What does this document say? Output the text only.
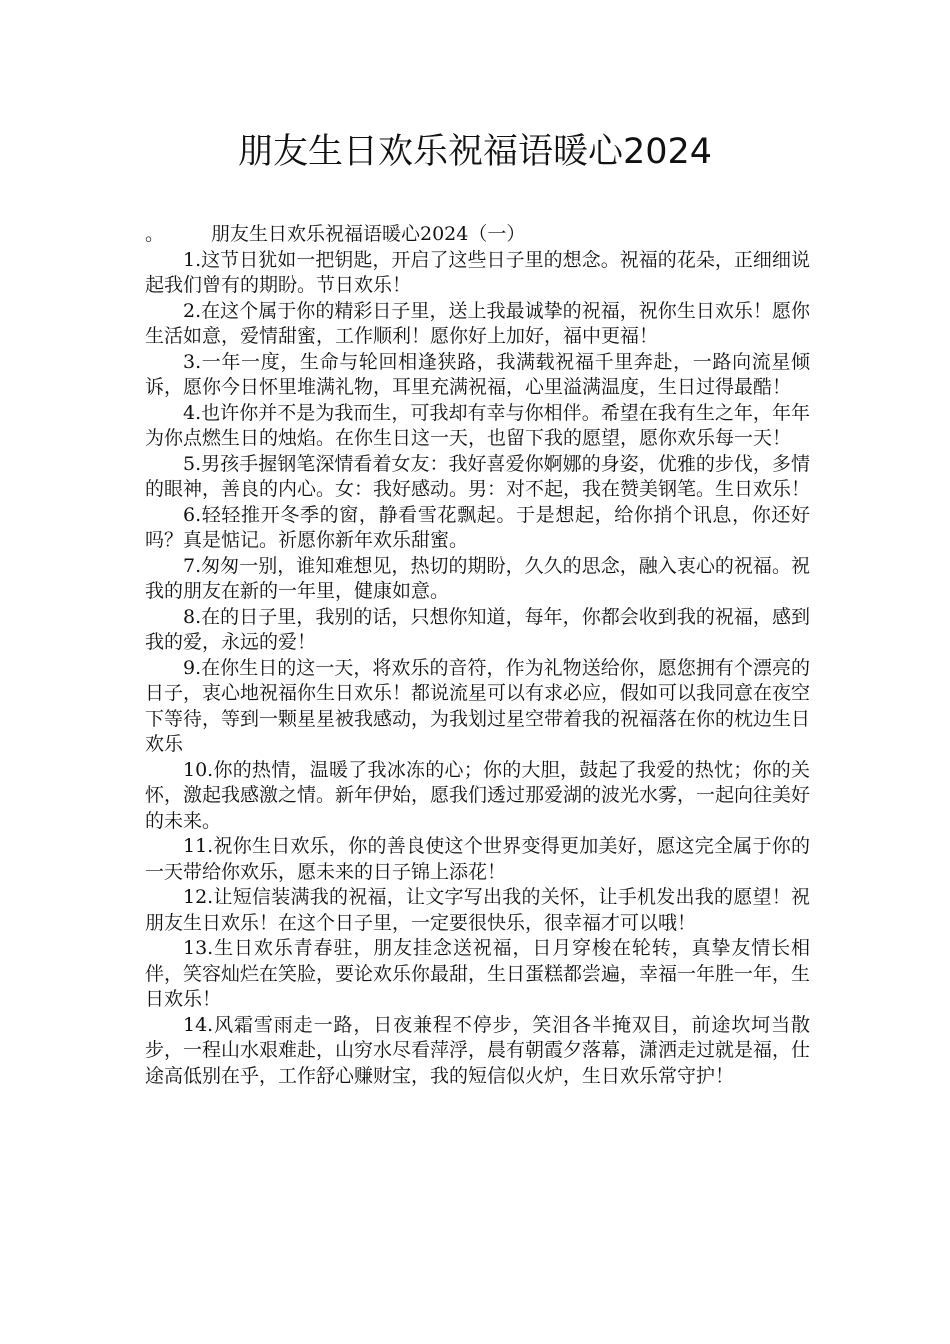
朋友生日欢乐祝福语暖心2024
。 朋友生日欢乐祝福语暖心2024（一）

1.这节日犹如一把钥匙，开启了这些日子里的想念。祝福的花朵，正细细说起我们曾有的期盼。节日欢乐！

2.在这个属于你的精彩日子里，送上我最诚挚的祝福，祝你生日欢乐！愿你生活如意，爱情甜蜜，工作顺利！愿你好上加好，福中更福！

3.一年一度，生命与轮回相逢狭路，我满载祝福千里奔赴，一路向流星倾诉，愿你今日怀里堆满礼物，耳里充满祝福，心里溢满温度，生日过得最酷！

4.也许你并不是为我而生，可我却有幸与你相伴。希望在我有生之年，年年为你点燃生日的烛焰。在你生日这一天，也留下我的愿望，愿你欢乐每一天！

5.男孩手握钢笔深情看着女友：我好喜爱你婀娜的身姿，优雅的步伐，多情的眼神，善良的内心。女：我好感动。男：对不起，我在赞美钢笔。生日欢乐！

6.轻轻推开冬季的窗，静看雪花飘起。于是想起，给你捎个讯息，你还好吗？真是惦记。祈愿你新年欢乐甜蜜。

7.匆匆一别，谁知难想见，热切的期盼，久久的思念，融入衷心的祝福。祝我的朋友在新的一年里，健康如意。

8.在的日子里，我别的话，只想你知道，每年，你都会收到我的祝福，感到我的爱，永远的爱！

9.在你生日的这一天，将欢乐的音符，作为礼物送给你，愿您拥有个漂亮的日子，衷心地祝福你生日欢乐！都说流星可以有求必应，假如可以我同意在夜空下等待，等到一颗星星被我感动，为我划过星空带着我的祝福落在你的枕边生日欢乐

10.你的热情，温暖了我冰冻的心；你的大胆，鼓起了我爱的热忱；你的关怀，激起我感激之情。新年伊始，愿我们透过那爱湖的波光水雾，一起向往美好的未来。

11.祝你生日欢乐，你的善良使这个世界变得更加美好，愿这完全属于你的一天带给你欢乐，愿未来的日子锦上添花！

12.让短信装满我的祝福，让文字写出我的关怀，让手机发出我的愿望！祝朋友生日欢乐！在这个日子里，一定要很快乐，很幸福才可以哦！

13.生日欢乐青春驻，朋友挂念送祝福，日月穿梭在轮转，真挚友情长相伴，笑容灿烂在笑脸，要论欢乐你最甜，生日蛋糕都尝遍，幸福一年胜一年，生日欢乐！

14.风霜雪雨走一路，日夜兼程不停步，笑泪各半掩双目，前途坎坷当散步，一程山水艰难赴，山穷水尽看萍浮，晨有朝霞夕落幕，潇洒走过就是福，仕途高低别在乎，工作舒心赚财宝，我的短信似火炉，生日欢乐常守护！
